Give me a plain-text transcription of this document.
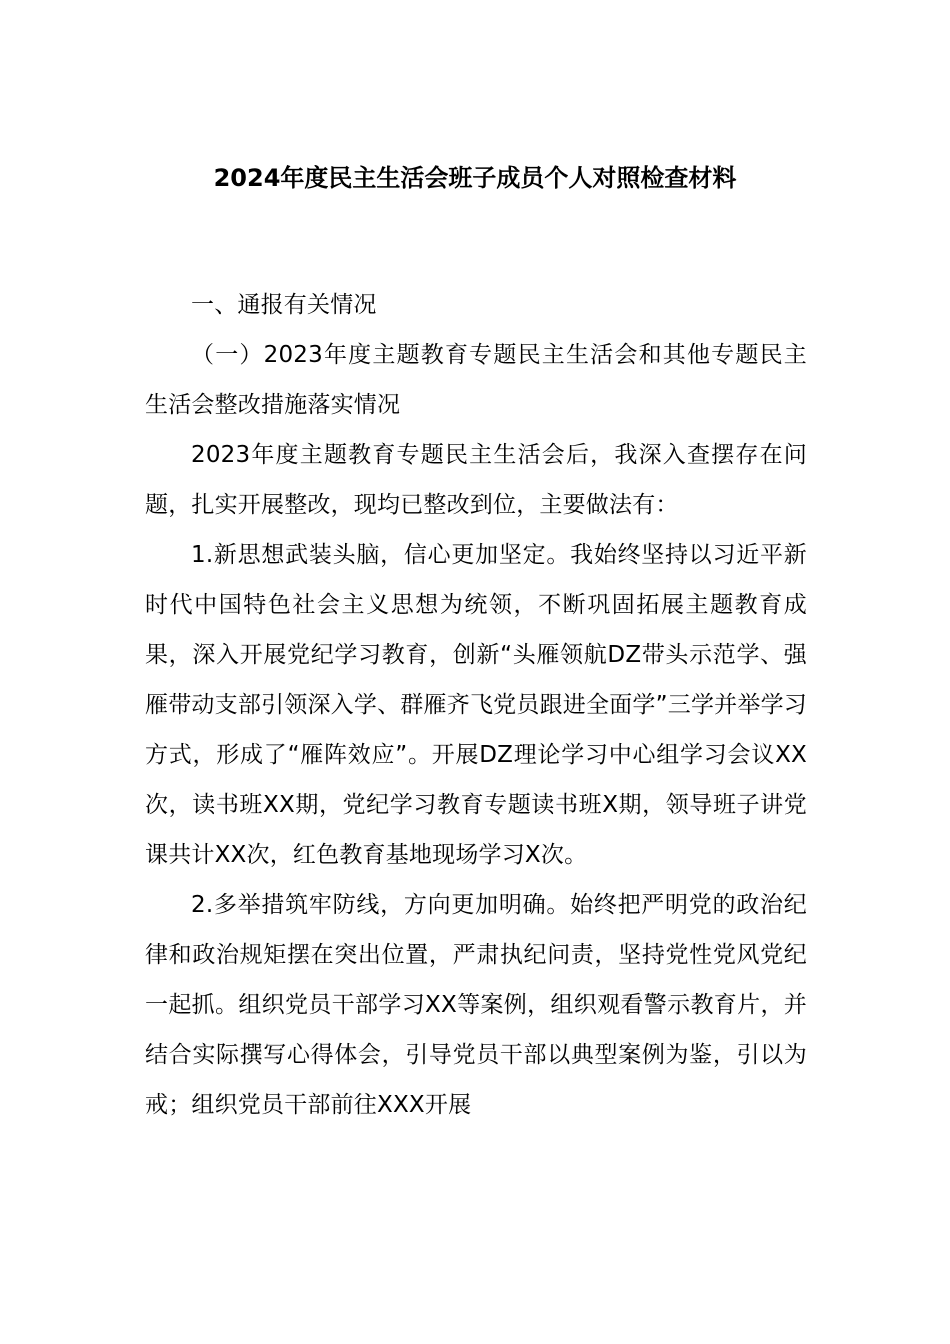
2024年度民主生活会班子成员个人对照检查材料

一、通报有关情况

（一）2023年度主题教育专题民主生活会和其他专题民主生活会整改措施落实情况

2023年度主题教育专题民主生活会后，我深入查摆存在问题，扎实开展整改，现均已整改到位，主要做法有：

1.新思想武装头脑，信心更加坚定。我始终坚持以习近平新时代中国特色社会主义思想为统领，不断巩固拓展主题教育成果，深入开展党纪学习教育，创新“头雁领航DZ带头示范学、强雁带动支部引领深入学、群雁齐飞党员跟进全面学”三学并举学习方式，形成了“雁阵效应”。开展DZ理论学习中心组学习会议XX次，读书班XX期，党纪学习教育专题读书班X期，领导班子讲党课共计XX次，红色教育基地现场学习X次。

2.多举措筑牢防线，方向更加明确。始终把严明党的政治纪律和政治规矩摆在突出位置，严肃执纪问责，坚持党性党风党纪一起抓。组织党员干部学习XX等案例，组织观看警示教育片，并结合实际撰写心得体会，引导党员干部以典型案例为鉴，引以为戒；组织党员干部前往XXX开展
